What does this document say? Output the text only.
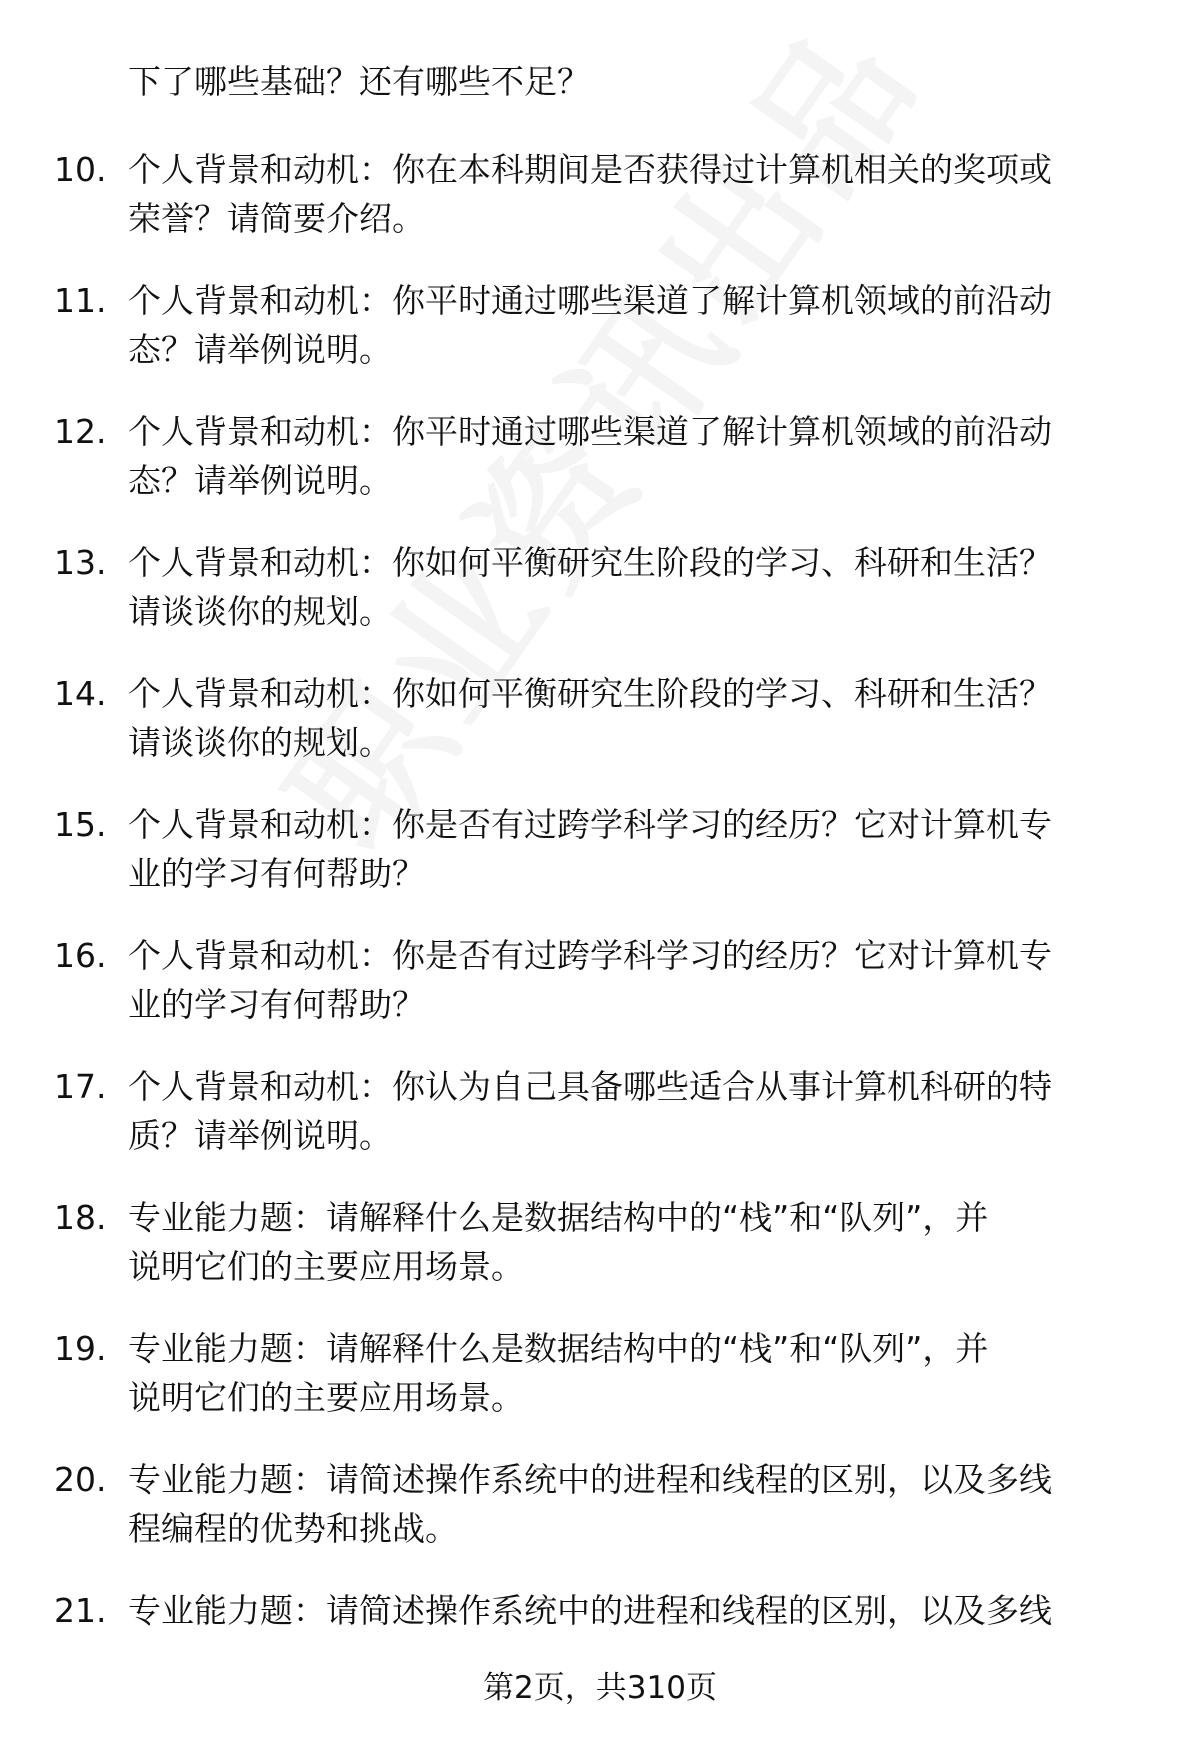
下了哪些基础？还有哪些不足？
10. 个人背景和动机：你在本科期间是否获得过计算机相关的奖项或
荣誉？请简要介绍。
11. 个人背景和动机：你平时通过哪些渠道了解计算机领域的前沿动
态？请举例说明。
12. 个人背景和动机：你平时通过哪些渠道了解计算机领域的前沿动
态？请举例说明。
13. 个人背景和动机：你如何平衡研究生阶段的学习、科研和生活？
请谈谈你的规划。
14. 个人背景和动机：你如何平衡研究生阶段的学习、科研和生活？
请谈谈你的规划。
15. 个人背景和动机：你是否有过跨学科学习的经历？它对计算机专
业的学习有何帮助？
16. 个人背景和动机：你是否有过跨学科学习的经历？它对计算机专
业的学习有何帮助？
17. 个人背景和动机：你认为自己具备哪些适合从事计算机科研的特
质？请举例说明。
18. 专业能力题：请解释什么是数据结构中的“栈”和“队列”，并
说明它们的主要应用场景。
19. 专业能力题：请解释什么是数据结构中的“栈”和“队列”，并
说明它们的主要应用场景。
20. 专业能力题：请简述操作系统中的进程和线程的区别，以及多线
程编程的优势和挑战。
21. 专业能力题：请简述操作系统中的进程和线程的区别，以及多线
第2页，共310页
